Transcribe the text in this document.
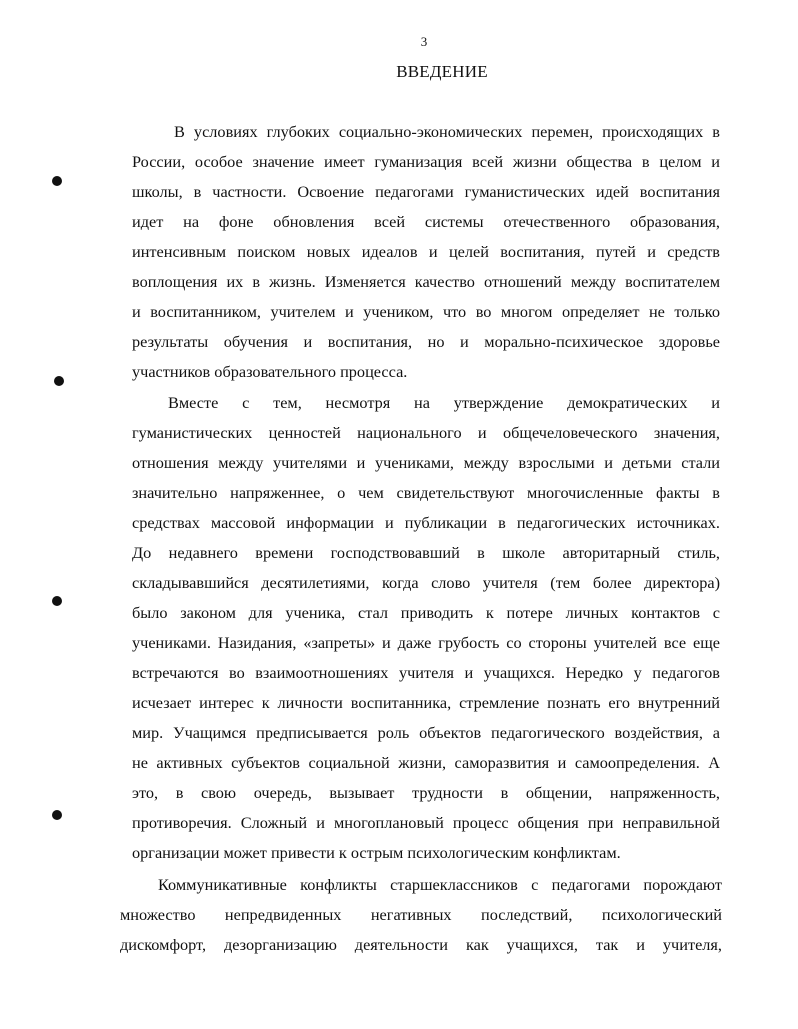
3
ВВЕДЕНИЕ
В условиях глубоких социально-экономических перемен, происходящих в
России, особое значение имеет гуманизация всей жизни общества в целом и
школы, в частности. Освоение педагогами гуманистических идей воспитания
идет на фоне обновления всей системы отечественного образования,
интенсивным поиском новых идеалов и целей воспитания, путей и средств
воплощения их в жизнь. Изменяется качество отношений между воспитателем
и воспитанником, учителем и учеником, что во многом определяет не только
результаты обучения и воспитания, но и морально-психическое здоровье
участников образовательного процесса.
Вместе с тем, несмотря на утверждение демократических и
гуманистических ценностей национального и общечеловеческого значения,
отношения между учителями и учениками, между взрослыми и детьми стали
значительно напряженнее, о чем свидетельствуют многочисленные факты в
средствах массовой информации и публикации в педагогических источниках.
До недавнего времени господствовавший в школе авторитарный стиль,
складывавшийся десятилетиями, когда слово учителя (тем более директора)
было законом для ученика, стал приводить к потере личных контактов с
учениками. Назидания, «запреты» и даже грубость со стороны учителей все еще
встречаются во взаимоотношениях учителя и учащихся. Нередко у педагогов
исчезает интерес к личности воспитанника, стремление познать его внутренний
мир. Учащимся предписывается роль объектов педагогического воздействия, а
не активных субъектов социальной жизни, саморазвития и самоопределения. А
это, в свою очередь, вызывает трудности в общении, напряженность,
противоречия. Сложный и многоплановый процесс общения при неправильной
организации может привести к острым психологическим конфликтам.
Коммуникативные конфликты старшеклассников с педагогами порождают
множество непредвиденных негативных последствий, психологический
дискомфорт, дезорганизацию деятельности как учащихся, так и учителя,
